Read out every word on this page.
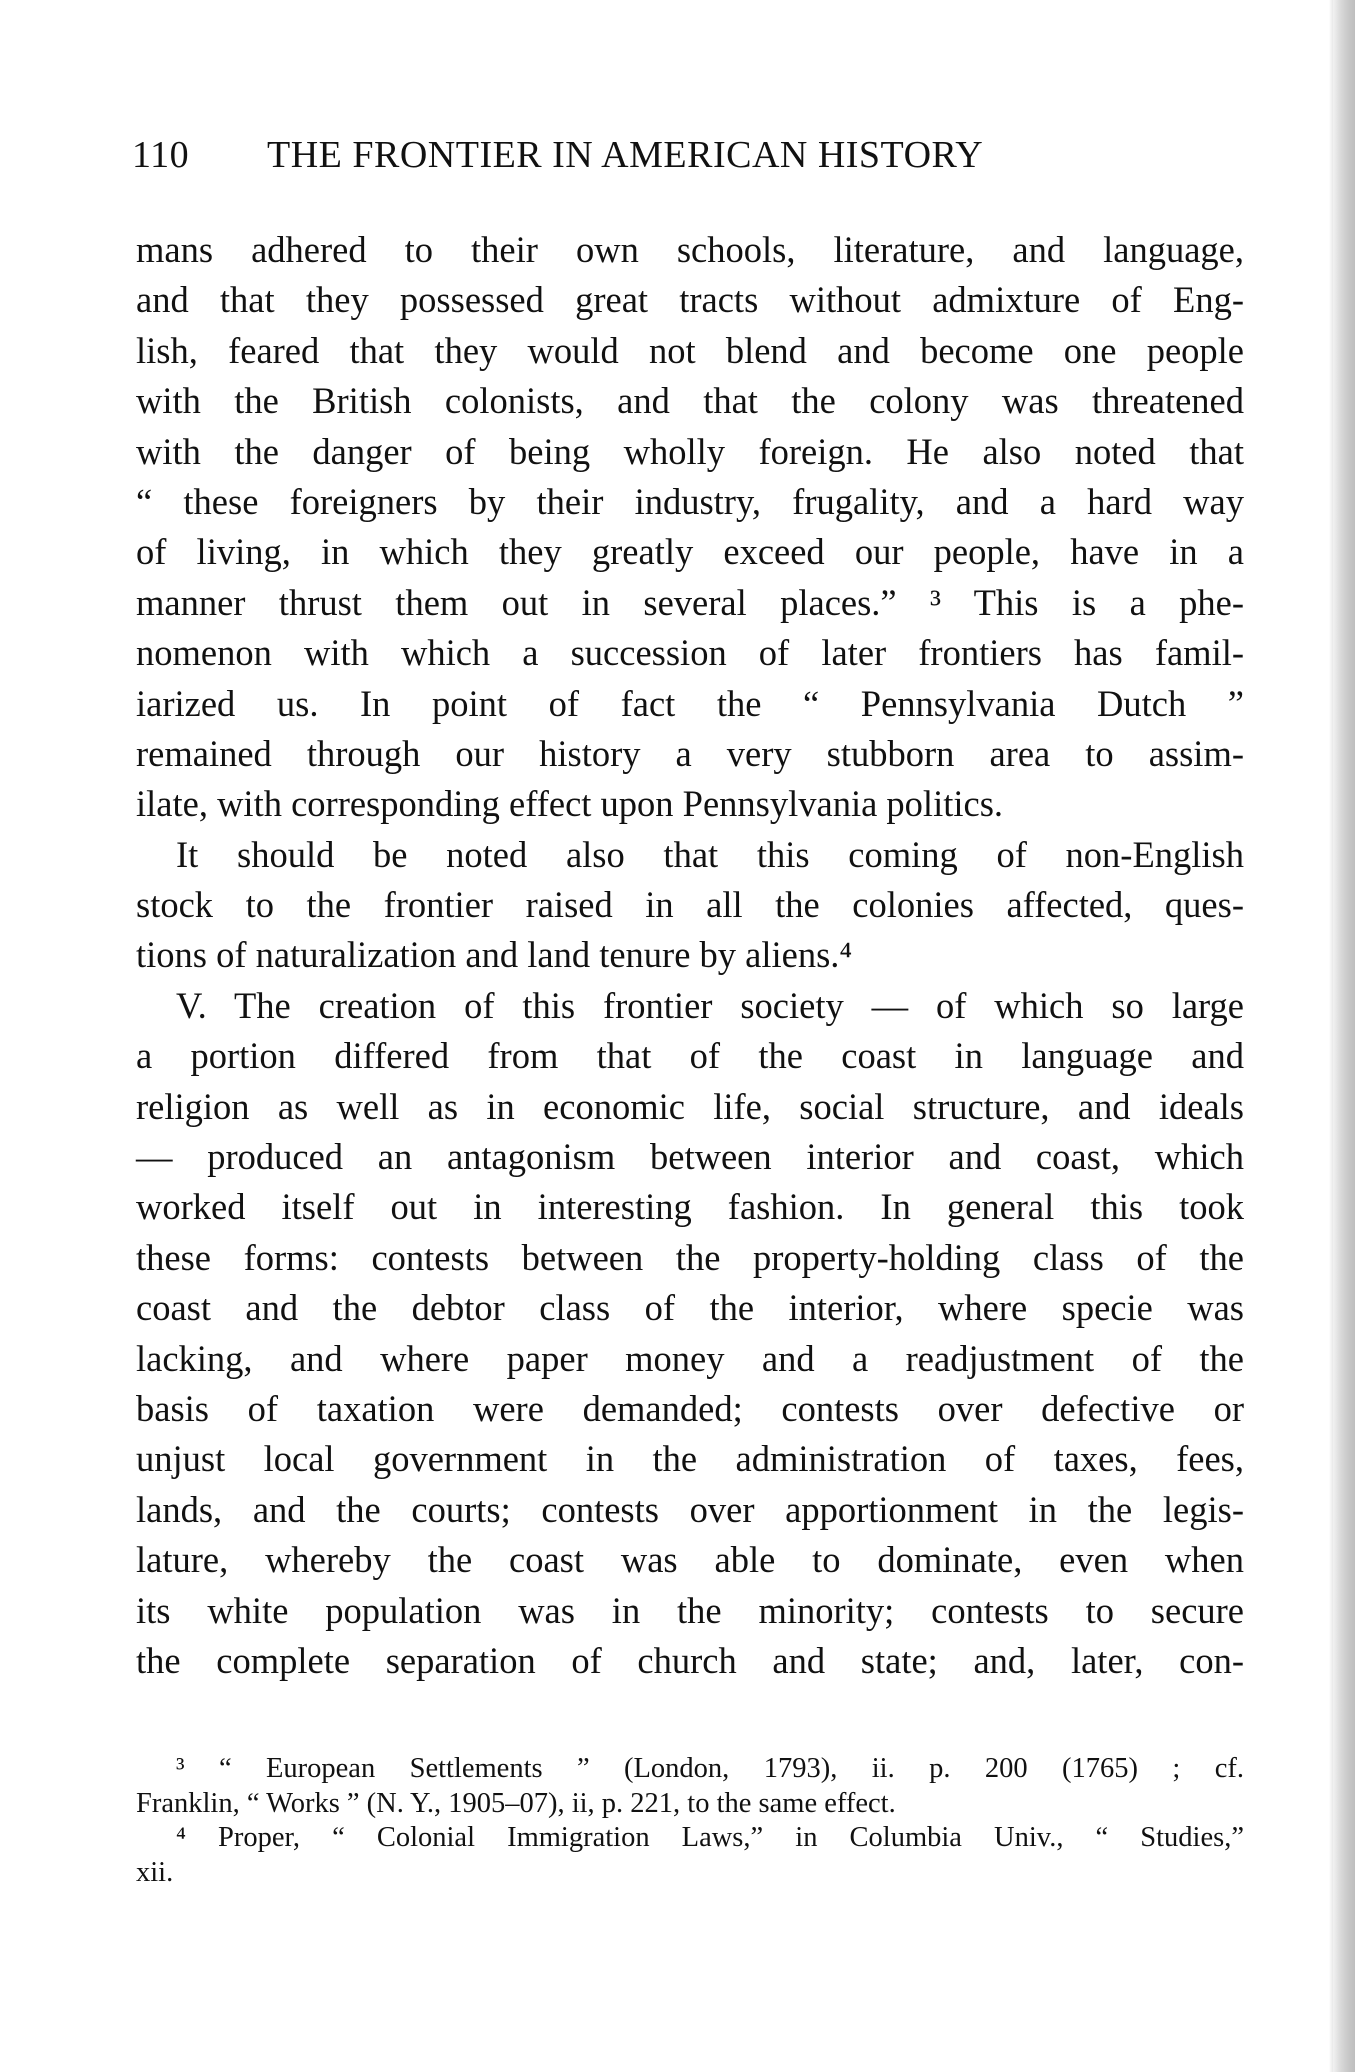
110 THE FRONTIER IN AMERICAN HISTORY
mans adhered to their own schools, literature, and language,
and that they possessed great tracts without admixture of Eng-
lish, feared that they would not blend and become one people
with the British colonists, and that the colony was threatened
with the danger of being wholly foreign. He also noted that
“ these foreigners by their industry, frugality, and a hard way
of living, in which they greatly exceed our people, have in a
manner thrust them out in several places.” ³ This is a phe-
nomenon with which a succession of later frontiers has famil-
iarized us. In point of fact the “ Pennsylvania Dutch ”
remained through our history a very stubborn area to assim-
ilate, with corresponding effect upon Pennsylvania politics.
It should be noted also that this coming of non-English
stock to the frontier raised in all the colonies affected, ques-
tions of naturalization and land tenure by aliens.⁴
V. The creation of this frontier society — of which so large
a portion differed from that of the coast in language and
religion as well as in economic life, social structure, and ideals
— produced an antagonism between interior and coast, which
worked itself out in interesting fashion. In general this took
these forms: contests between the property-holding class of the
coast and the debtor class of the interior, where specie was
lacking, and where paper money and a readjustment of the
basis of taxation were demanded; contests over defective or
unjust local government in the administration of taxes, fees,
lands, and the courts; contests over apportionment in the legis-
lature, whereby the coast was able to dominate, even when
its white population was in the minority; contests to secure
the complete separation of church and state; and, later, con-
³ “ European Settlements ” (London, 1793), ii. p. 200 (1765) ; cf.
Franklin, “ Works ” (N. Y., 1905–07), ii, p. 221, to the same effect.
⁴ Proper, “ Colonial Immigration Laws,” in Columbia Univ., “ Studies,”
xii.
